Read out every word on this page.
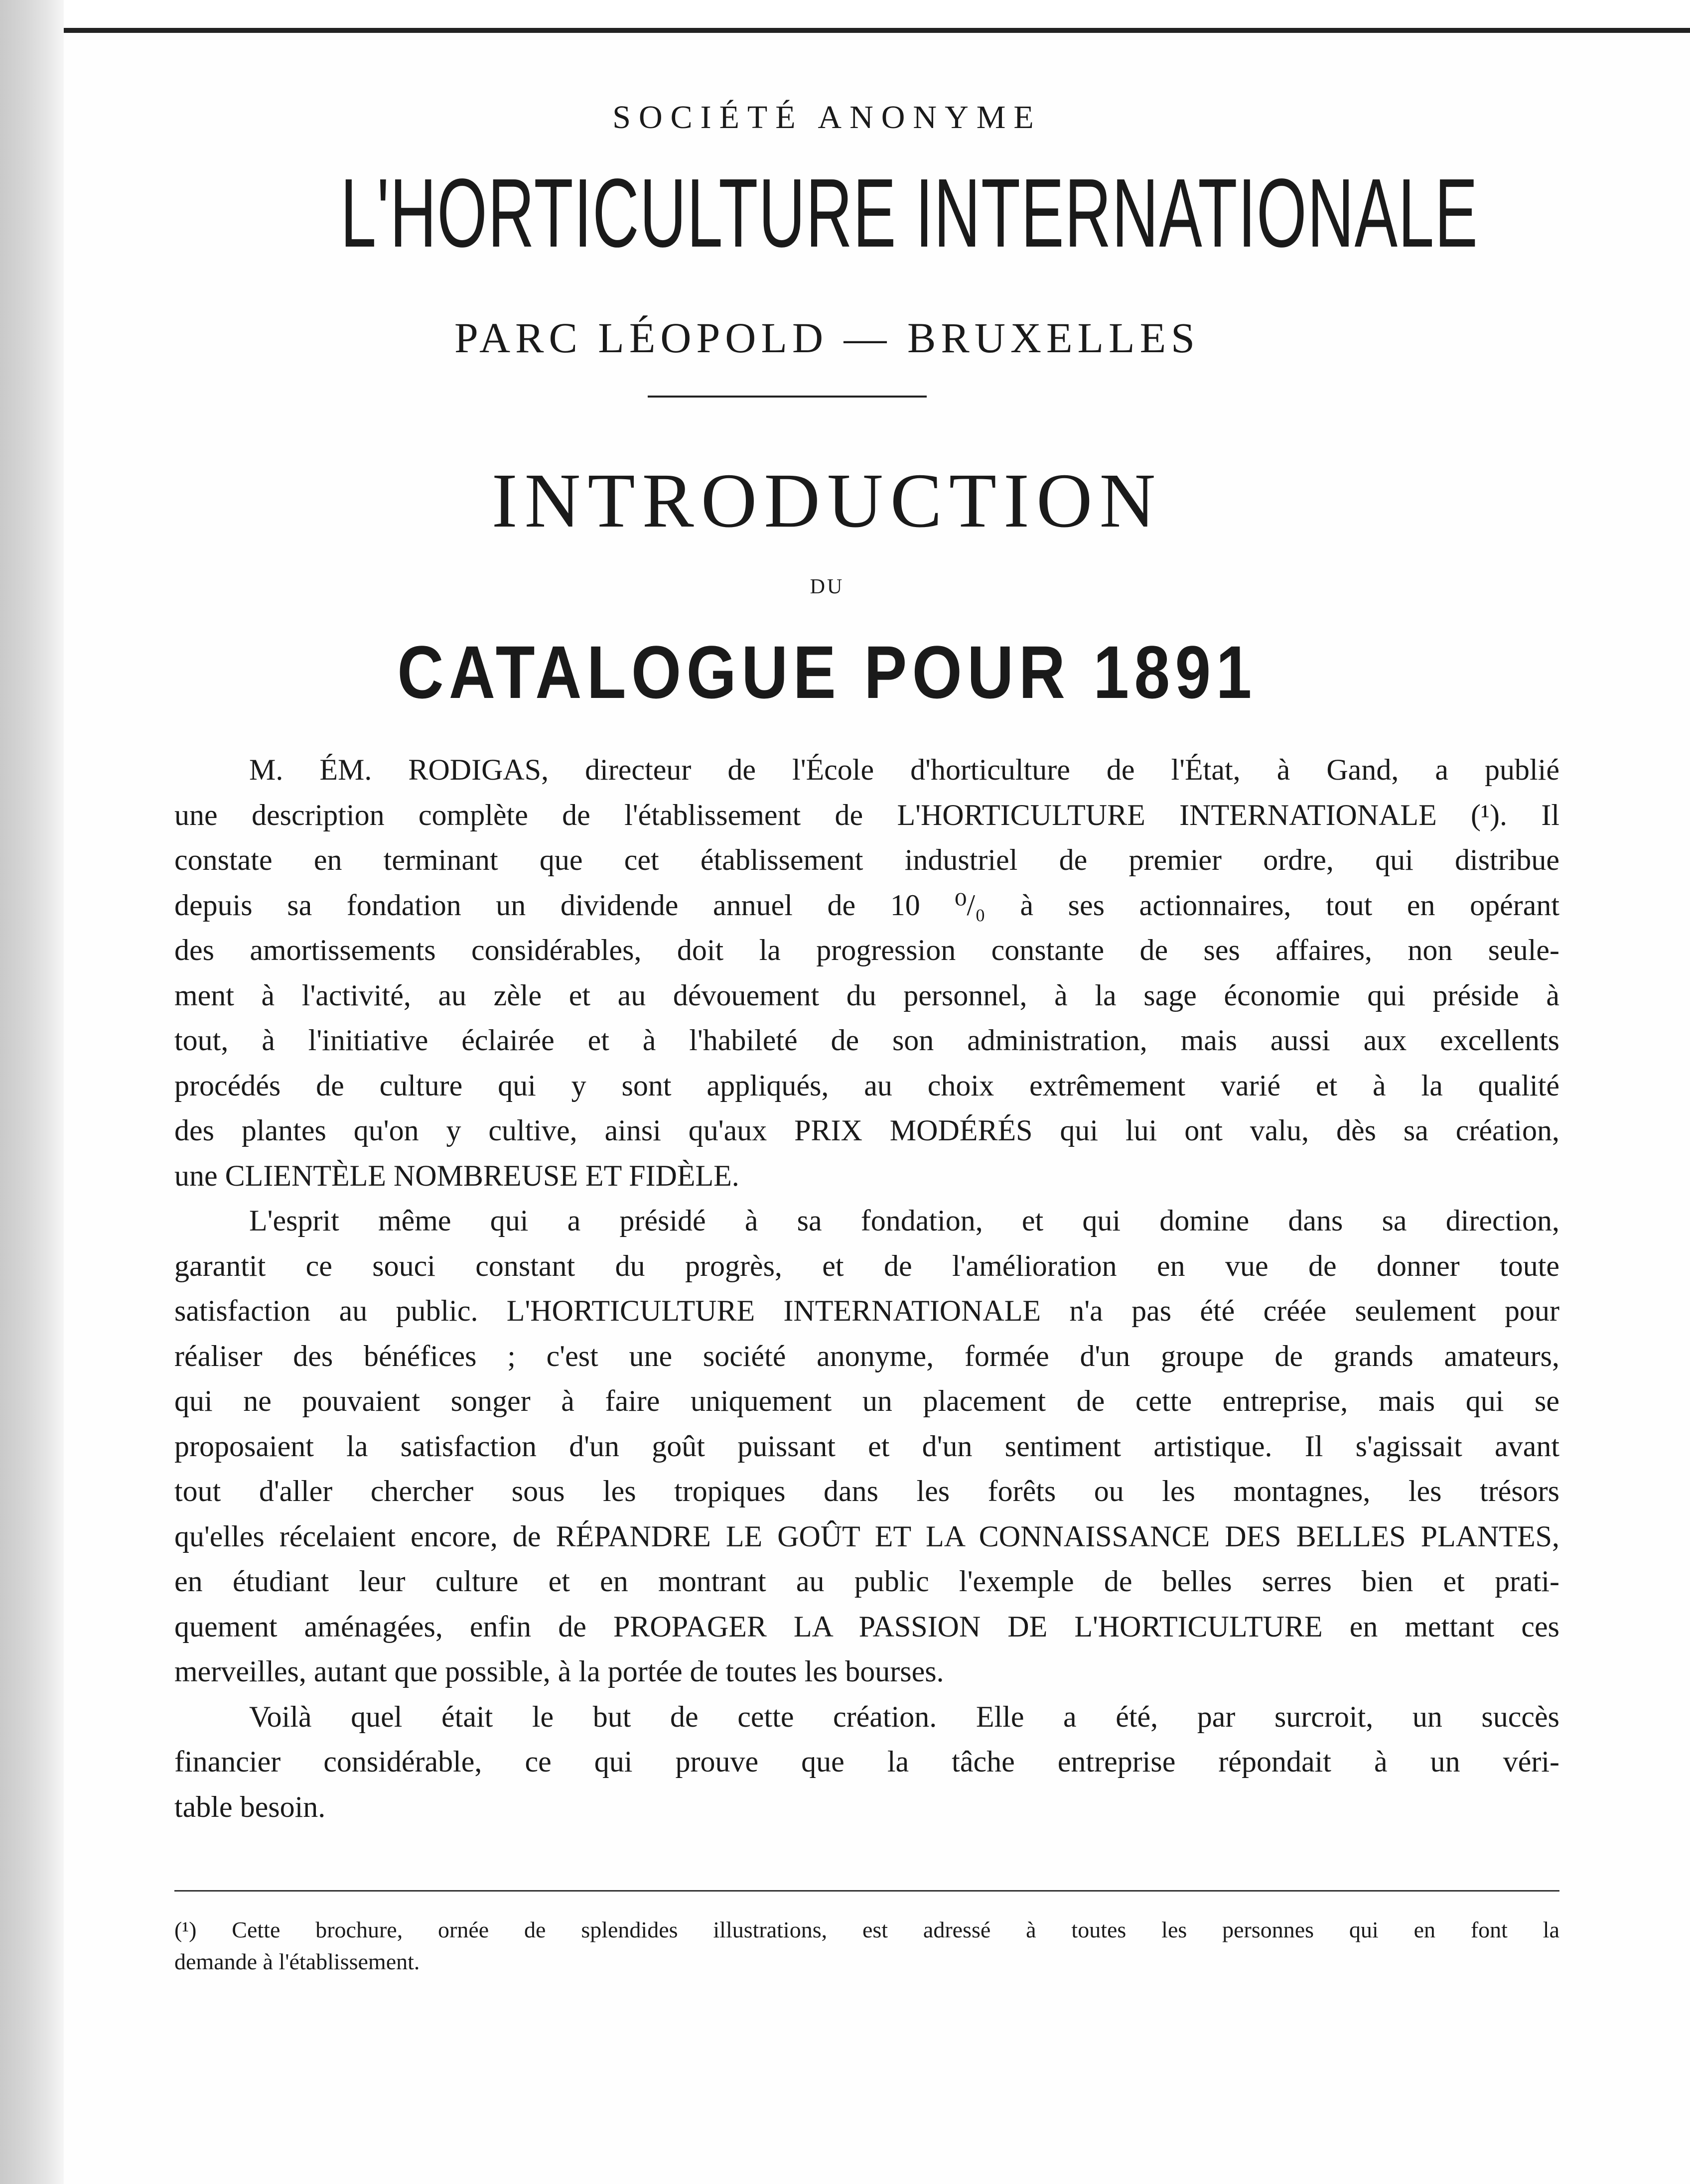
SOCIÉTÉ ANONYME
L'HORTICULTURE INTERNATIONALE
PARC LÉOPOLD — BRUXELLES
INTRODUCTION
DU
CATALOGUE POUR 1891
M. ÉM. RODIGAS, directeur de l'École d'horticulture de l'État, à Gand, a publié
une description complète de l'établissement de L'HORTICULTURE INTERNATIONALE (¹). Il
constate en terminant que cet établissement industriel de premier ordre, qui distribue
depuis sa fondation un dividende annuel de 10 ⁰/₀ à ses actionnaires, tout en opérant
des amortissements considérables, doit la progression constante de ses affaires, non seule-
ment à l'activité, au zèle et au dévouement du personnel, à la sage économie qui préside à
tout, à l'initiative éclairée et à l'habileté de son administration, mais aussi aux excellents
procédés de culture qui y sont appliqués, au choix extrêmement varié et à la qualité
des plantes qu'on y cultive, ainsi qu'aux PRIX MODÉRÉS qui lui ont valu, dès sa création,
une CLIENTÈLE NOMBREUSE ET FIDÈLE.
L'esprit même qui a présidé à sa fondation, et qui domine dans sa direction,
garantit ce souci constant du progrès, et de l'amélioration en vue de donner toute
satisfaction au public. L'HORTICULTURE INTERNATIONALE n'a pas été créée seulement pour
réaliser des bénéfices ; c'est une société anonyme, formée d'un groupe de grands amateurs,
qui ne pouvaient songer à faire uniquement un placement de cette entreprise, mais qui se
proposaient la satisfaction d'un goût puissant et d'un sentiment artistique. Il s'agissait avant
tout d'aller chercher sous les tropiques dans les forêts ou les montagnes, les trésors
qu'elles récelaient encore, de RÉPANDRE LE GOÛT ET LA CONNAISSANCE DES BELLES PLANTES,
en étudiant leur culture et en montrant au public l'exemple de belles serres bien et prati-
quement aménagées, enfin de PROPAGER LA PASSION DE L'HORTICULTURE en mettant ces
merveilles, autant que possible, à la portée de toutes les bourses.
Voilà quel était le but de cette création. Elle a été, par surcroit, un succès
financier considérable, ce qui prouve que la tâche entreprise répondait à un véri-
table besoin.
(¹) Cette brochure, ornée de splendides illustrations, est adressé à toutes les personnes qui en font la
demande à l'établissement.
